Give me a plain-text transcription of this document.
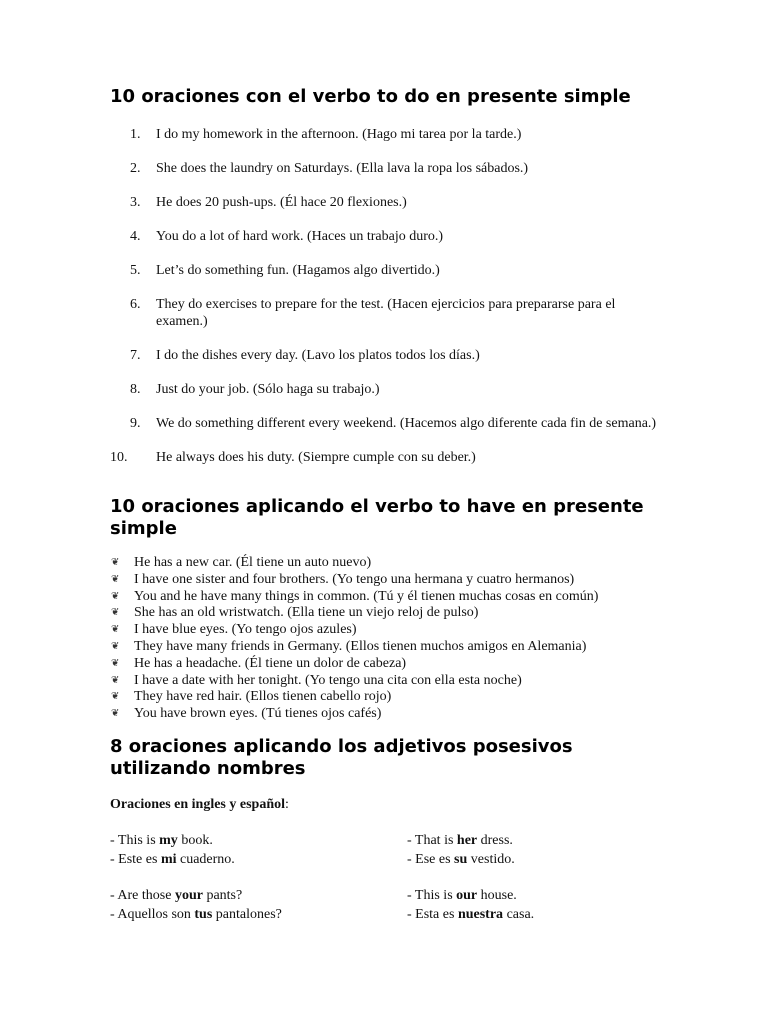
10 oraciones con el verbo to do en presente simple
1. I do my homework in the afternoon. (Hago mi tarea por la tarde.)
2. She does the laundry on Saturdays. (Ella lava la ropa los sábados.)
3. He does 20 push-ups. (Él hace 20 flexiones.)
4. You do a lot of hard work. (Haces un trabajo duro.)
5. Let’s do something fun. (Hagamos algo divertido.)
6. They do exercises to prepare for the test. (Hacen ejercicios para prepararse para el examen.)
7. I do the dishes every day. (Lavo los platos todos los días.)
8. Just do your job. (Sólo haga su trabajo.)
9. We do something different every weekend. (Hacemos algo diferente cada fin de semana.)
10. He always does his duty. (Siempre cumple con su deber.)
10 oraciones aplicando el verbo to have en presente simple
❦ He has a new car. (Él tiene un auto nuevo)
❦ I have one sister and four brothers. (Yo tengo una hermana y cuatro hermanos)
❦ You and he have many things in common. (Tú y él tienen muchas cosas en común)
❦ She has an old wristwatch. (Ella tiene un viejo reloj de pulso)
❦ I have blue eyes. (Yo tengo ojos azules)
❦ They have many friends in Germany. (Ellos tienen muchos amigos en Alemania)
❦ He has a headache. (Él tiene un dolor de cabeza)
❦ I have a date with her tonight. (Yo tengo una cita con ella esta noche)
❦ They have red hair. (Ellos tienen cabello rojo)
❦ You have brown eyes. (Tú tienes ojos cafés)
8 oraciones aplicando los adjetivos posesivos utilizando nombres
Oraciones en ingles y español:
- This is my book.
- Este es mi cuaderno.
- Are those your pants?
- Aquellos son tus pantalones?
- That is her dress.
- Ese es su vestido.
- This is our house.
- Esta es nuestra casa.
